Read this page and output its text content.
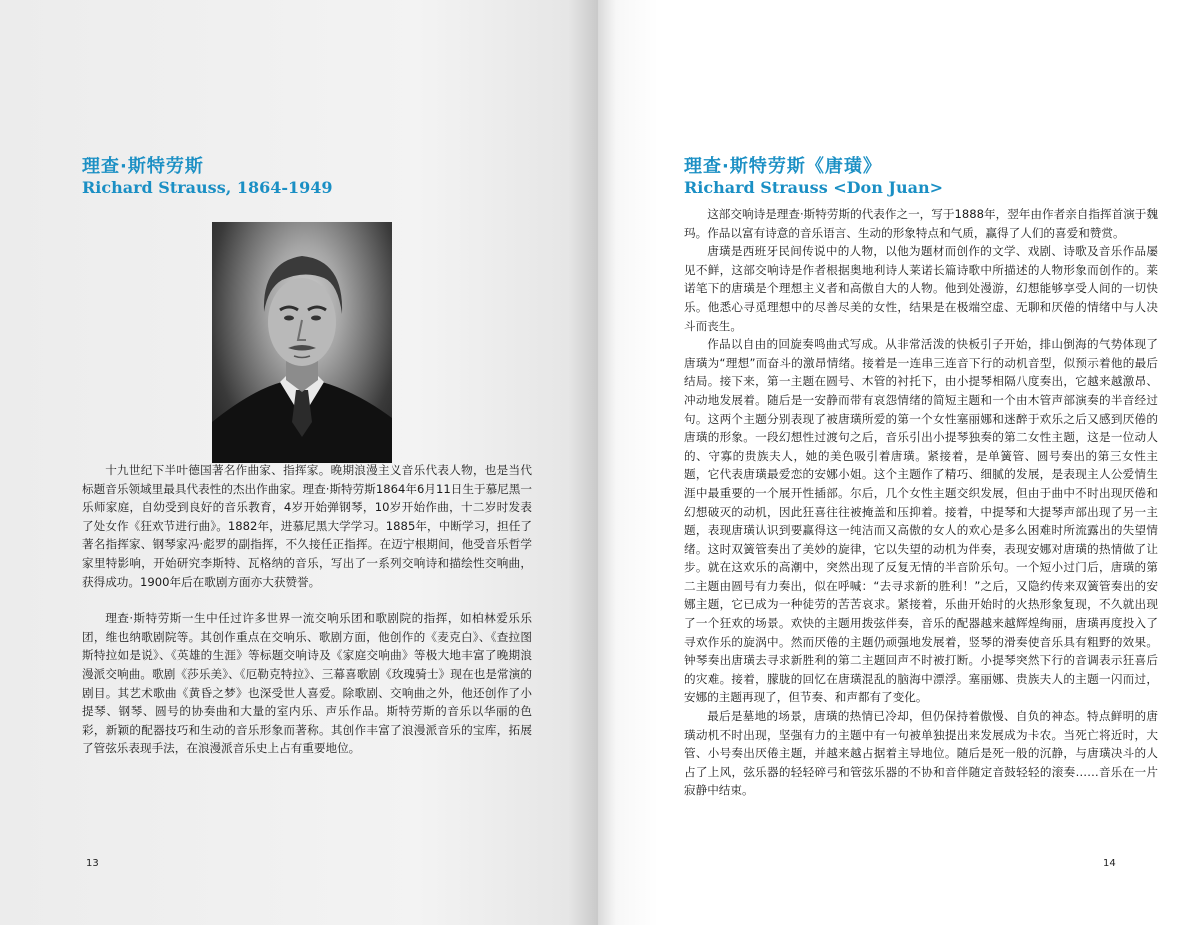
理查·斯特劳斯
Richard Strauss, 1864-1949

十九世纪下半叶德国著名作曲家、指挥家。晚期浪漫主义音乐代表人物，也是当代标题音乐领域里最具代表性的杰出作曲家。理查·斯特劳斯1864年6月11日生于慕尼黑一乐师家庭，自幼受到良好的音乐教育，4岁开始弹钢琴，10岁开始作曲，十二岁时发表了处女作《狂欢节进行曲》。1882年，进慕尼黑大学学习。1885年，中断学习，担任了著名指挥家、钢琴家冯·彪罗的副指挥，不久接任正指挥。在迈宁根期间，他受音乐哲学家里特影响，开始研究李斯特、瓦格纳的音乐，写出了一系列交响诗和描绘性交响曲，获得成功。1900年后在歌剧方面亦大获赞誉。

理查·斯特劳斯一生中任过许多世界一流交响乐团和歌剧院的指挥，如柏林爱乐乐团，维也纳歌剧院等。其创作重点在交响乐、歌剧方面，他创作的《麦克白》、《查拉图斯特拉如是说》、《英雄的生涯》等标题交响诗及《家庭交响曲》等极大地丰富了晚期浪漫派交响曲。歌剧《莎乐美》、《厄勒克特拉》、三幕喜歌剧《玫瑰骑士》现在也是常演的剧目。其艺术歌曲《黄昏之梦》也深受世人喜爱。除歌剧、交响曲之外，他还创作了小提琴、钢琴、圆号的协奏曲和大量的室内乐、声乐作品。斯特劳斯的音乐以华丽的色彩，新颖的配器技巧和生动的音乐形象而著称。其创作丰富了浪漫派音乐的宝库，拓展了管弦乐表现手法，在浪漫派音乐史上占有重要地位。

13
理查·斯特劳斯《唐璜》
Richard Strauss <Don Juan>

这部交响诗是理查·斯特劳斯的代表作之一，写于1888年，翌年由作者亲自指挥首演于魏玛。作品以富有诗意的音乐语言、生动的形象特点和气质，赢得了人们的喜爱和赞赏。

唐璜是西班牙民间传说中的人物，以他为题材而创作的文学、戏剧、诗歌及音乐作品屡见不鲜，这部交响诗是作者根据奥地利诗人莱诺长篇诗歌中所描述的人物形象而创作的。莱诺笔下的唐璜是个理想主义者和高傲自大的人物。他到处漫游，幻想能够享受人间的一切快乐。他悉心寻觅理想中的尽善尽美的女性，结果是在极端空虚、无聊和厌倦的情绪中与人决斗而丧生。

作品以自由的回旋奏鸣曲式写成。从非常活泼的快板引子开始，排山倒海的气势体现了唐璜为“理想”而奋斗的激昂情绪。接着是一连串三连音下行的动机音型，似预示着他的最后结局。接下来，第一主题在圆号、木管的衬托下，由小提琴相隔八度奏出，它越来越激昂、冲动地发展着。随后是一安静而带有哀怨情绪的简短主题和一个由木管声部演奏的半音经过句。这两个主题分别表现了被唐璜所爱的第一个女性塞丽娜和迷醉于欢乐之后又感到厌倦的唐璜的形象。一段幻想性过渡句之后，音乐引出小提琴独奏的第二女性主题，这是一位动人的、守寡的贵族夫人，她的美色吸引着唐璜。紧接着，是单簧管、圆号奏出的第三女性主题，它代表唐璜最爱恋的安娜小姐。这个主题作了精巧、细腻的发展，是表现主人公爱情生涯中最重要的一个展开性插部。尔后，几个女性主题交织发展，但由于曲中不时出现厌倦和幻想破灭的动机，因此狂喜往往被掩盖和压抑着。接着，中提琴和大提琴声部出现了另一主题，表现唐璜认识到要赢得这一纯洁而又高傲的女人的欢心是多么困难时所流露出的失望情绪。这时双簧管奏出了美妙的旋律，它以失望的动机为伴奏，表现安娜对唐璜的热情做了让步。就在这欢乐的高潮中，突然出现了反复无情的半音阶乐句。一个短小过门后，唐璜的第二主题由圆号有力奏出，似在呼喊：“去寻求新的胜利！”之后，又隐约传来双簧管奏出的安娜主题，它已成为一种徒劳的苦苦哀求。紧接着，乐曲开始时的火热形象复现，不久就出现了一个狂欢的场景。欢快的主题用拨弦伴奏，音乐的配器越来越辉煌绚丽，唐璜再度投入了寻欢作乐的旋涡中。然而厌倦的主题仍顽强地发展着，竖琴的滑奏使音乐具有粗野的效果。钟琴奏出唐璜去寻求新胜利的第二主题回声不时被打断。小提琴突然下行的音调表示狂喜后的灾难。接着，朦胧的回忆在唐璜混乱的脑海中漂浮。塞丽娜、贵族夫人的主题一闪而过，安娜的主题再现了，但节奏、和声都有了变化。

最后是墓地的场景，唐璜的热情已冷却，但仍保持着傲慢、自负的神态。特点鲜明的唐璜动机不时出现，坚强有力的主题中有一句被单独提出来发展成为卡农。当死亡将近时，大管、小号奏出厌倦主题，并越来越占据着主导地位。随后是死一般的沉静，与唐璜决斗的人占了上风，弦乐器的轻轻碎弓和管弦乐器的不协和音伴随定音鼓轻轻的滚奏……音乐在一片寂静中结束。

14
